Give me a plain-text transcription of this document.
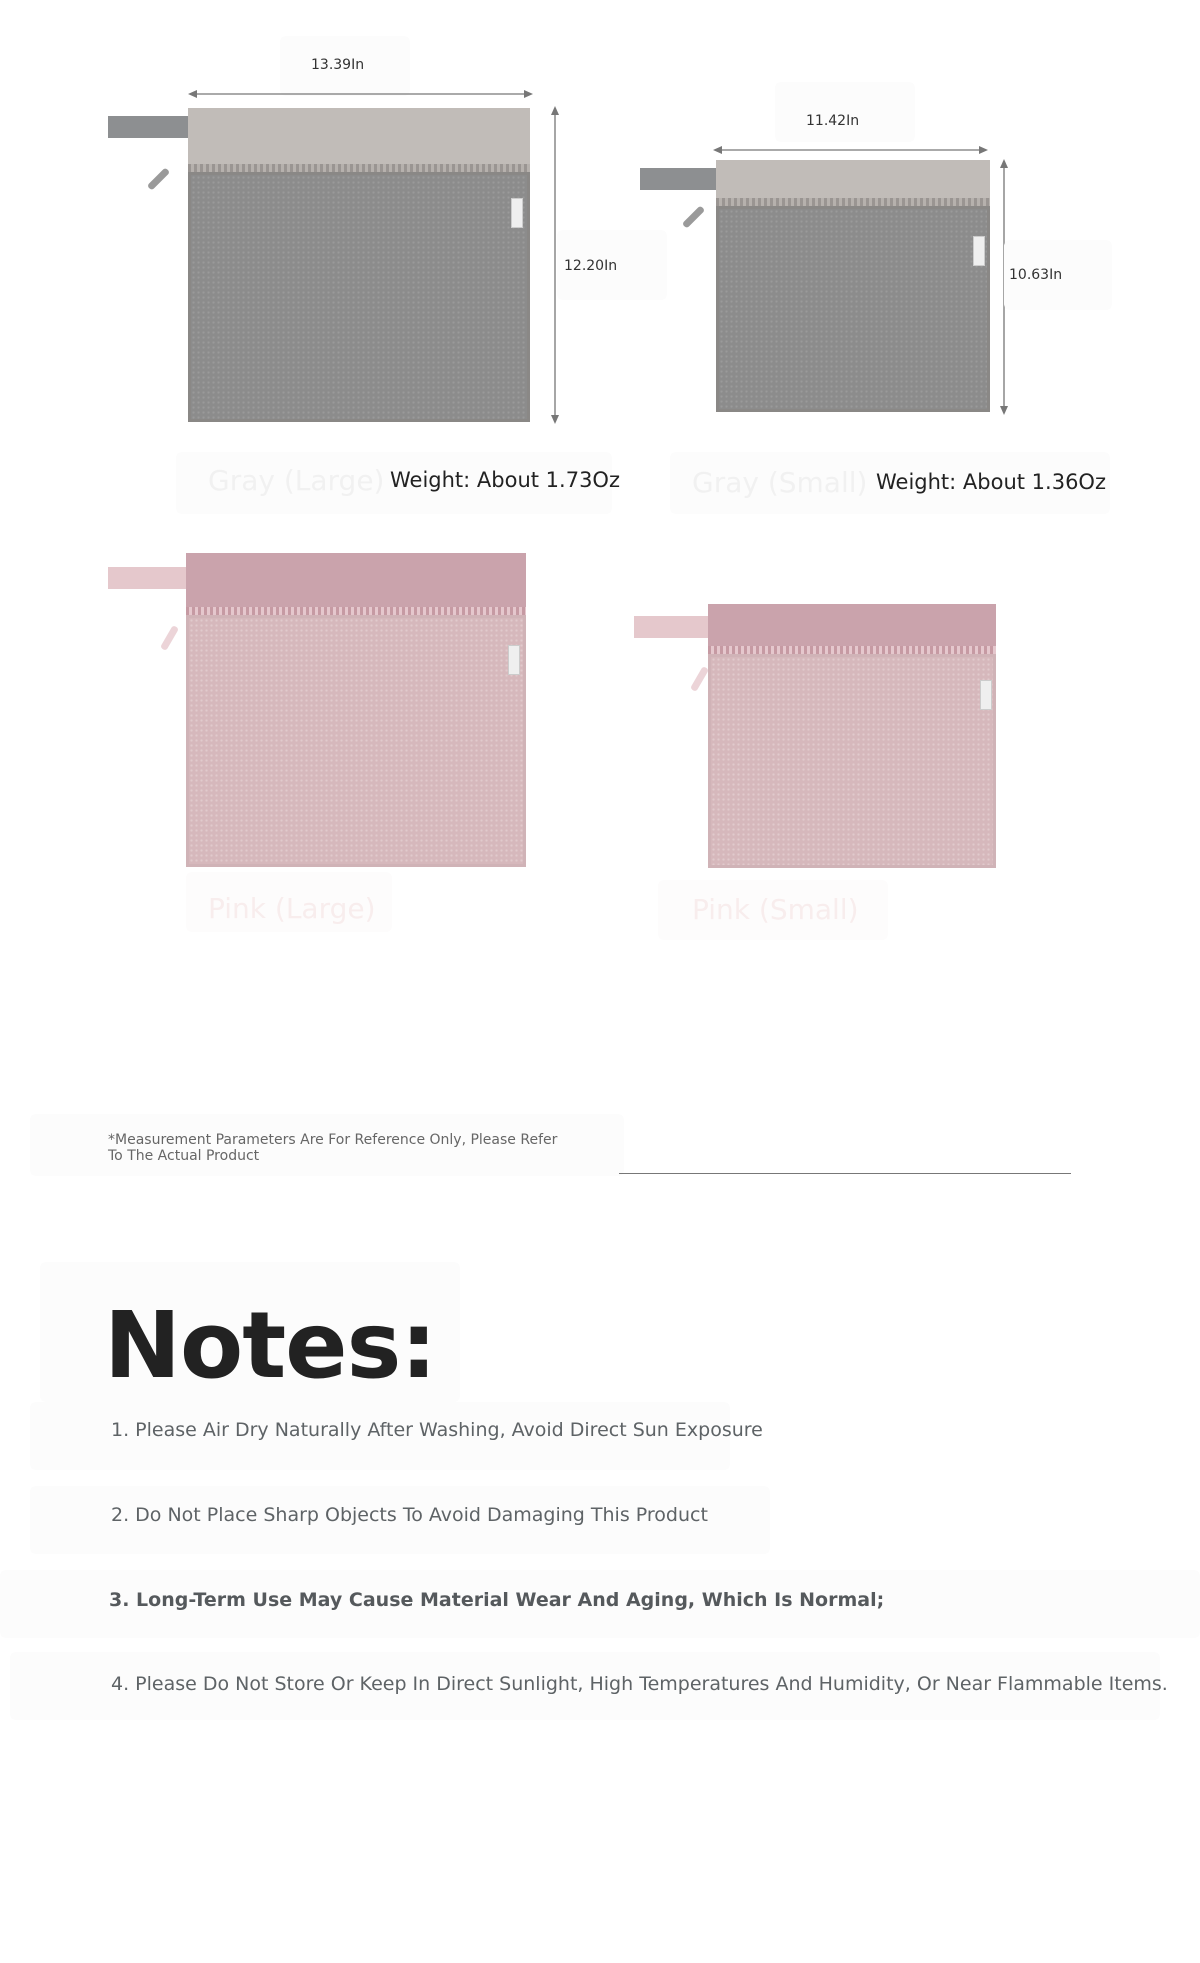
13.39In
12.20In
Gray (Large) Weight: About 1.73Oz
11.42In
10.63In
Gray (Small) Weight: About 1.36Oz
Pink (Large)	Pink (Small)
*Measurement Parameters Are For Reference Only, Please Refer To The Actual Product
Notes:
1. Please Air Dry Naturally After Washing, Avoid Direct Sun Exposure
2. Do Not Place Sharp Objects To Avoid Damaging This Product
3. Long-Term Use May Cause Material Wear And Aging, Which Is Normal;
4. Please Do Not Store Or Keep In Direct Sunlight, High Temperatures And Humidity, Or Near Flammable Items.
